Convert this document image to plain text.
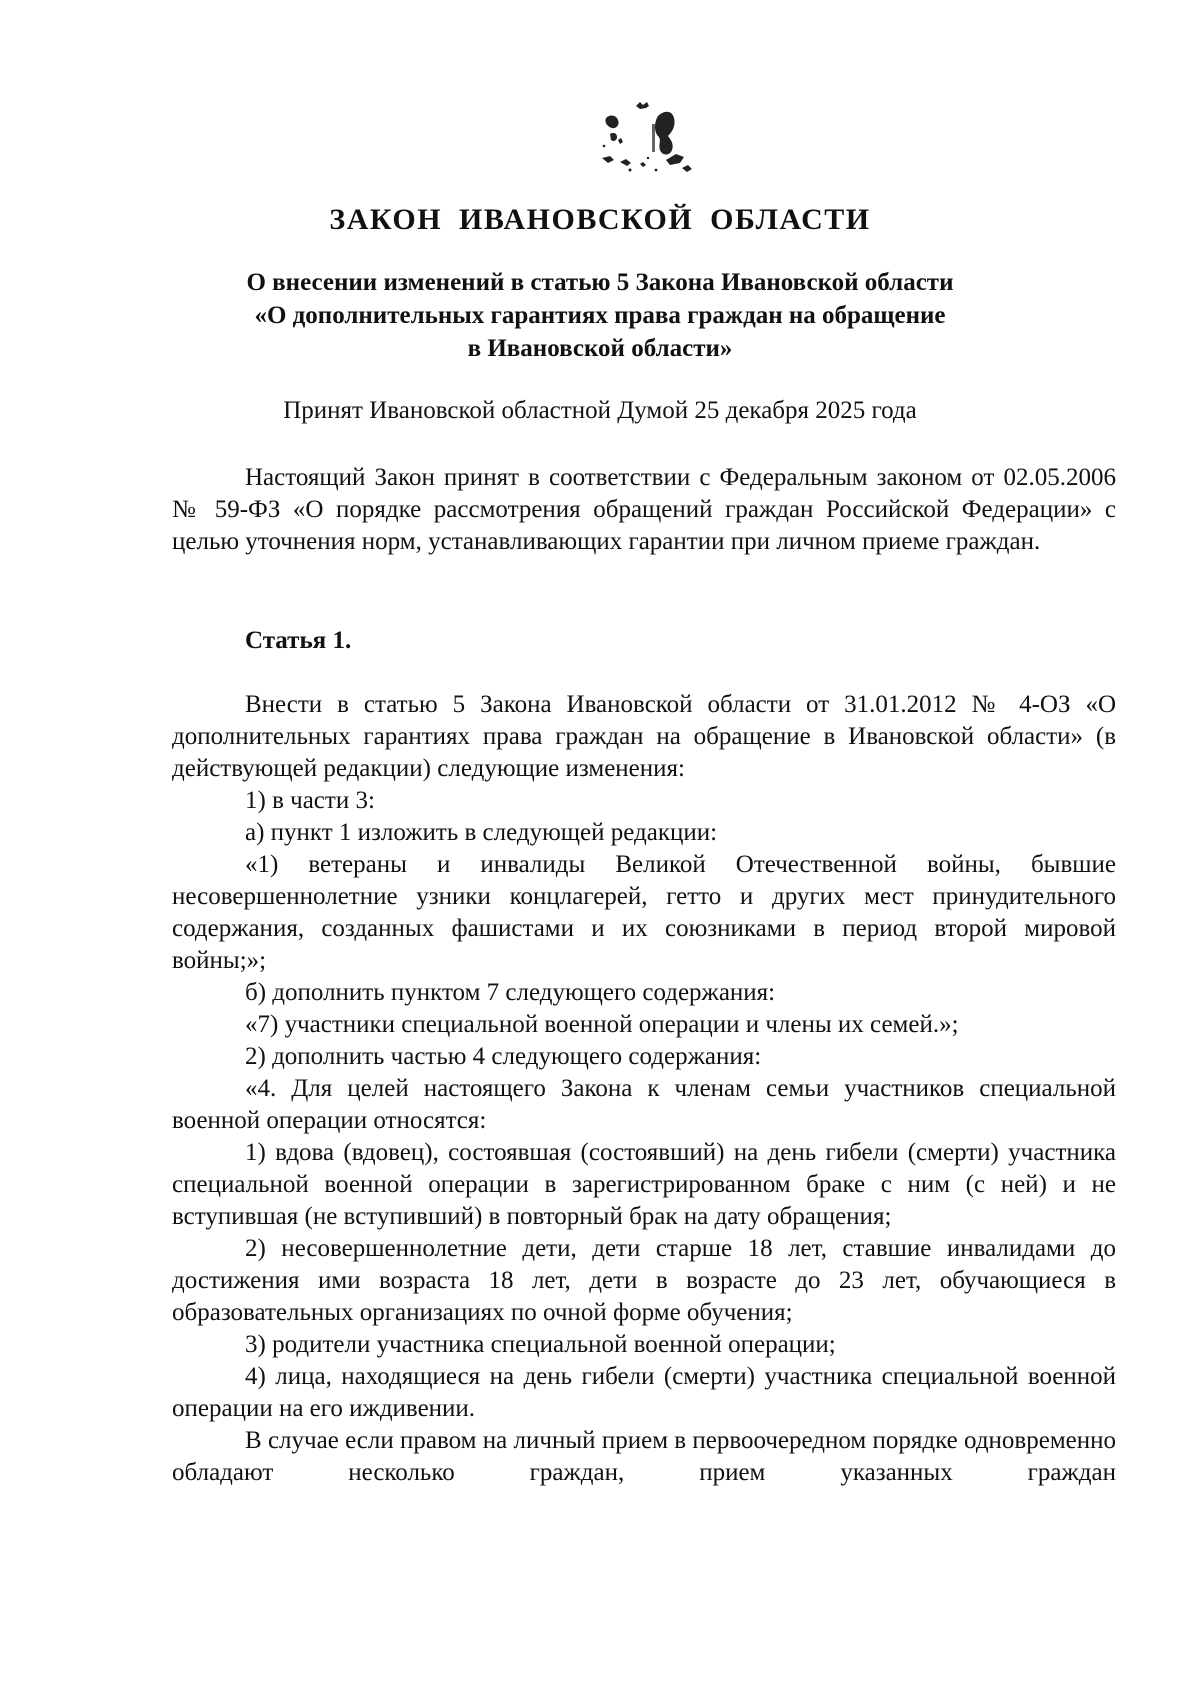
ЗАКОН ИВАНОВСКОЙ ОБЛАСТИ
О внесении изменений в статью 5 Закона Ивановской области
«О дополнительных гарантиях права граждан на обращение
в Ивановской области»
Принят Ивановской областной Думой 25 декабря 2025 года

Настоящий Закон принят в соответствии с Федеральным законом от 02.05.2006 № 59-ФЗ «О порядке рассмотрения обращений граждан Российской Федерации» с целью уточнения норм, устанавливающих гарантии при личном приеме граждан.

Статья 1.

Внести в статью 5 Закона Ивановской области от 31.01.2012 № 4-ОЗ «О дополнительных гарантиях права граждан на обращение в Ивановской области» (в действующей редакции) следующие изменения:

1) в части 3:

а) пункт 1 изложить в следующей редакции:

«1) ветераны и инвалиды Великой Отечественной войны, бывшие несовершеннолетние узники концлагерей, гетто и других мест принудительного содержания, созданных фашистами и их союзниками в период второй мировой войны;»;

б) дополнить пунктом 7 следующего содержания:

«7) участники специальной военной операции и члены их семей.»;

2) дополнить частью 4 следующего содержания:

«4. Для целей настоящего Закона к членам семьи участников специальной военной операции относятся:

1) вдова (вдовец), состоявшая (состоявший) на день гибели (смерти) участника специальной военной операции в зарегистрированном браке с ним (с ней) и не вступившая (не вступивший) в повторный брак на дату обращения;

2) несовершеннолетние дети, дети старше 18 лет, ставшие инвалидами до достижения ими возраста 18 лет, дети в возрасте до 23 лет, обучающиеся в образовательных организациях по очной форме обучения;

3) родители участника специальной военной операции;

4) лица, находящиеся на день гибели (смерти) участника специальной военной операции на его иждивении.

В случае если правом на личный прием в первоочередном порядке одновременно обладают несколько граждан, прием указанных граждан
